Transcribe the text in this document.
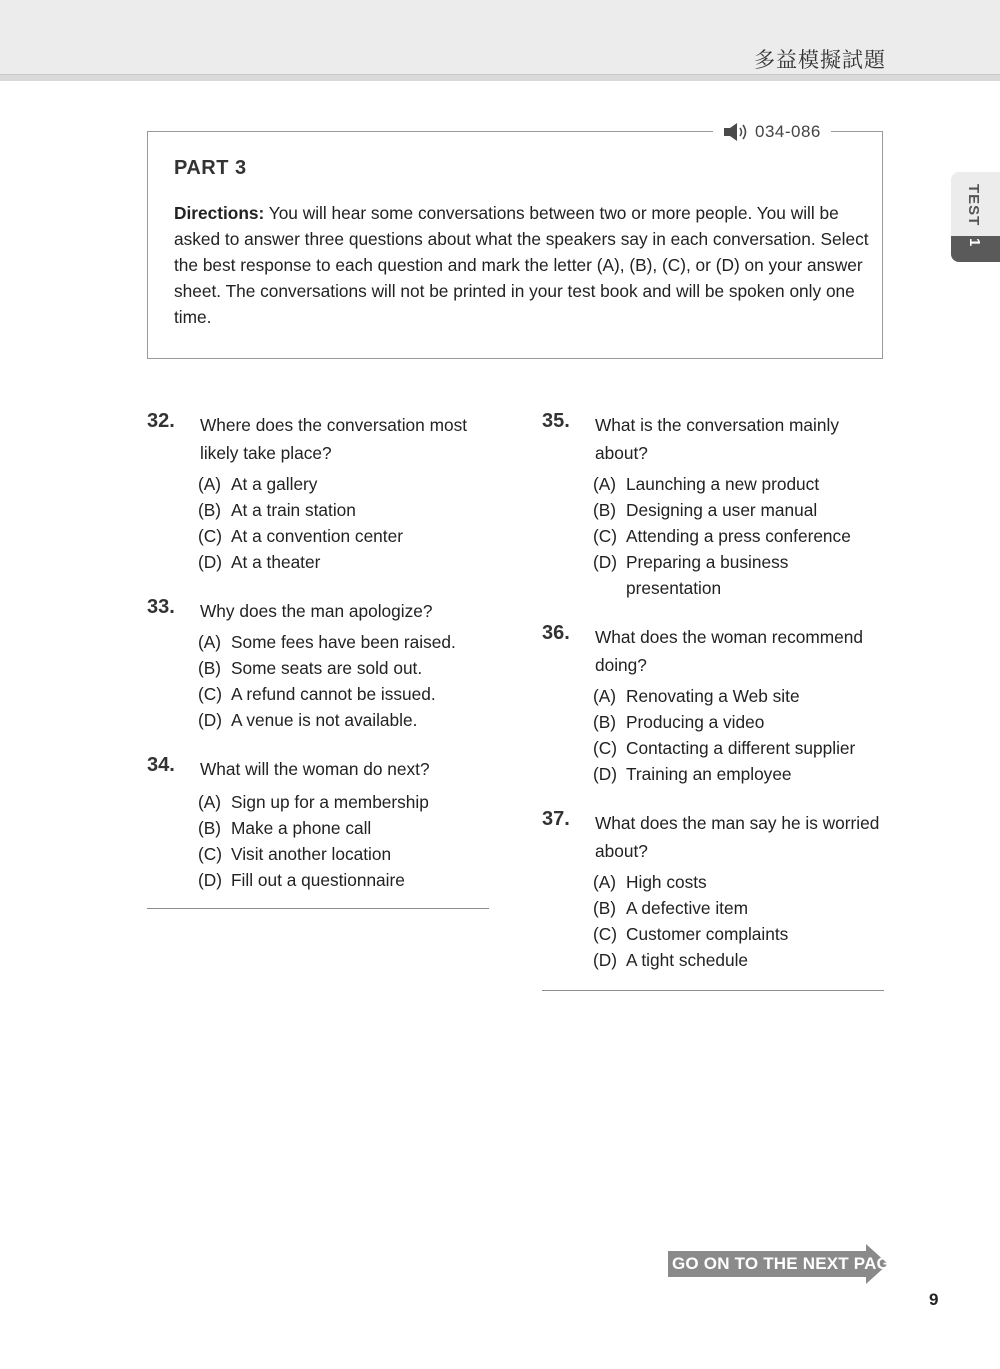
多益模擬試題
TEST
1
034-086
PART 3
Directions: You will hear some conversations between two or more people. You will be asked to answer three questions about what the speakers say in each conversation. Select the best response to each question and mark the letter (A), (B), (C), or (D) on your answer sheet. The conversations will not be printed in your test book and will be spoken only one time.
32. Where does the conversation most likely take place?
(A) At a gallery
(B) At a train station
(C) At a convention center
(D) At a theater
33. Why does the man apologize?
(A) Some fees have been raised.
(B) Some seats are sold out.
(C) A refund cannot be issued.
(D) A venue is not available.
34. What will the woman do next?
(A) Sign up for a membership
(B) Make a phone call
(C) Visit another location
(D) Fill out a questionnaire
35. What is the conversation mainly about?
(A) Launching a new product
(B) Designing a user manual
(C) Attending a press conference
(D) Preparing a business presentation
36. What does the woman recommend doing?
(A) Renovating a Web site
(B) Producing a video
(C) Contacting a different supplier
(D) Training an employee
37. What does the man say he is worried about?
(A) High costs
(B) A defective item
(C) Customer complaints
(D) A tight schedule
GO ON TO THE NEXT PAGE
9
